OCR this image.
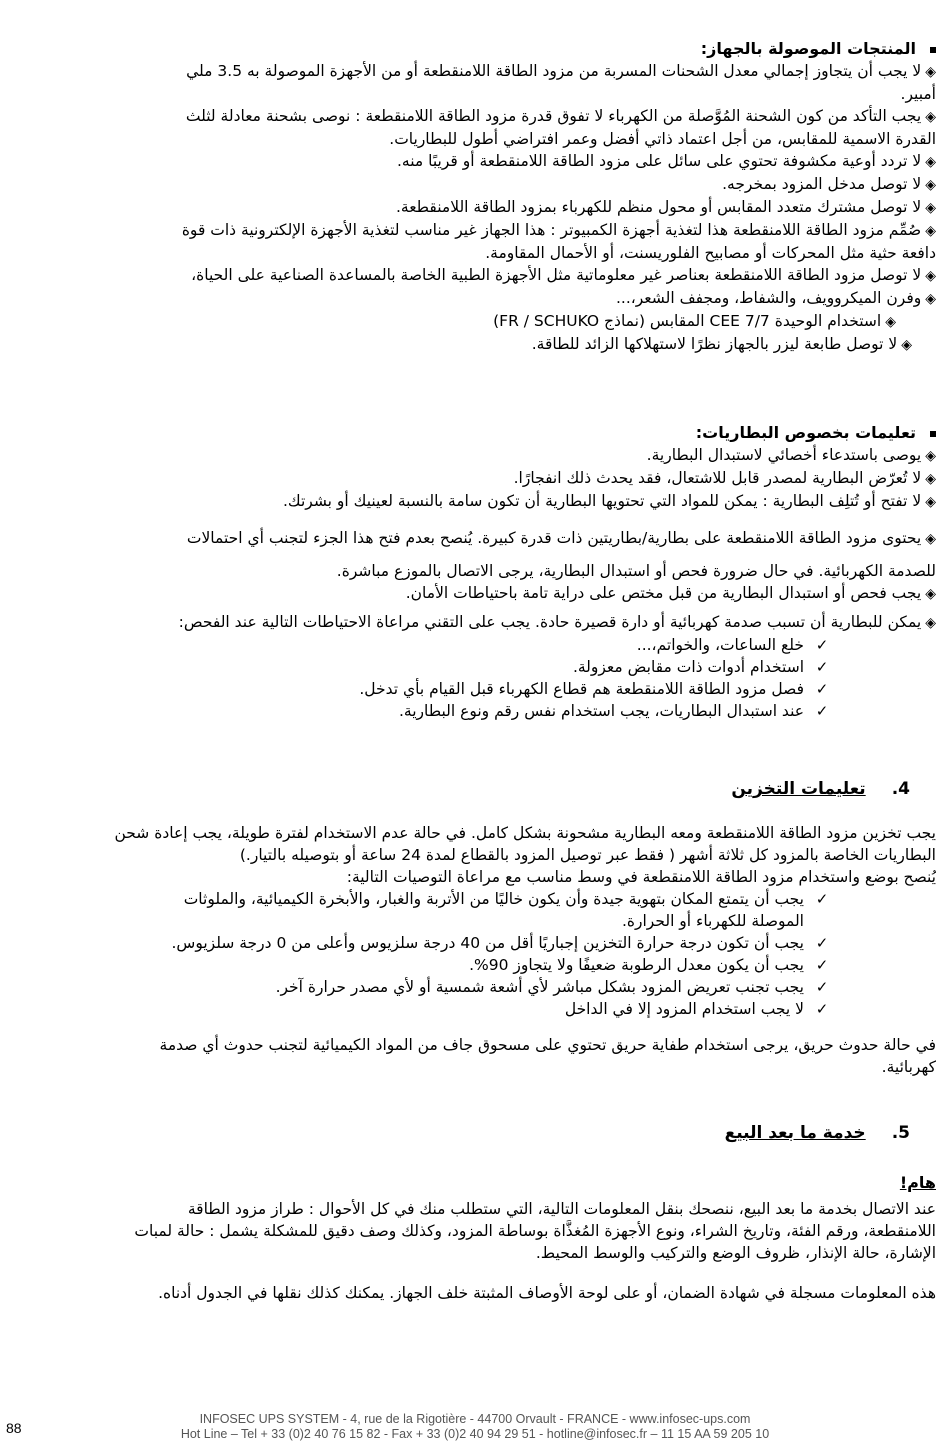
المنتجات الموصولة بالجهاز:
◈لا يجب أن يتجاوز إجمالي معدل الشحنات المسربة من مزود الطاقة اللامنقطعة أو من الأجهزة الموصولة به 3.5 ملي
أمبير.
◈يجب التأكد من كون الشحنة المُوَّصلة من الكهرباء لا تفوق قدرة مزود الطاقة اللامنقطعة : نوصى بشحنة معادلة لثلث
القدرة الاسمية للمقابس، من أجل اعتماد ذاتي أفضل وعمر افتراضي أطول للبطاريات.
◈لا تردد أوعية مكشوفة تحتوي على سائل على مزود الطاقة اللامنقطعة أو قريبًا منه.
◈لا توصل مدخل المزود بمخرجه.
◈لا توصل مشترك متعدد المقابس أو محول منظم للكهرباء بمزود الطاقة اللامنقطعة.
◈صُمِّم مزود الطاقة اللامنقطعة هذا لتغذية أجهزة الكمبيوتر : هذا الجهاز غير مناسب لتغذية الأجهزة الإلكترونية ذات قوة
دافعة حثية مثل المحركات أو مصابيح الفلوريسنت، أو الأحمال المقاومة.
◈لا توصل مزود الطاقة اللامنقطعة بعناصر غير معلوماتية مثل الأجهزة الطبية الخاصة بالمساعدة الصناعية على الحياة،
◈وفرن الميكروويف، والشفاط، ومجفف الشعر،...
◈استخدام الوحيدة CEE 7/7 المقابس (نماذج FR / SCHUKO)
◈لا توصل طابعة ليزر بالجهاز نظرًا لاستهلاكها الزائد للطاقة.
تعليمات بخصوص البطاريات:
◈يوصى باستدعاء أخصائي لاستبدال البطارية.
◈لا تُعرّض البطارية لمصدر قابل للاشتعال، فقد يحدث ذلك انفجارًا.
◈لا تفتح أو تُتلِف البطارية : يمكن للمواد التي تحتويها البطارية أن تكون سامة بالنسبة لعينيك أو بشرتك.
◈يحتوى مزود الطاقة اللامنقطعة على بطارية/بطاريتين ذات قدرة كبيرة. يُنصح بعدم فتح هذا الجزء لتجنب أي احتمالات
للصدمة الكهربائية. في حال ضرورة فحص أو استبدال البطارية، يرجى الاتصال بالموزع مباشرة.
◈يجب فحص أو استبدال البطارية من قبل مختص على دراية تامة باحتياطات الأمان.
◈يمكن للبطارية أن تسبب صدمة كهربائية أو دارة قصيرة حادة. يجب على التقني مراعاة الاحتياطات التالية عند الفحص:
✓خلع الساعات، والخواتم،...
✓استخدام أدوات ذات مقابض معزولة.
✓فصل مزود الطاقة اللامنقطعة هم قطاع الكهرباء قبل القيام بأي تدخل.
✓عند استبدال البطاريات، يجب استخدام نفس رقم ونوع البطارية.
4.تعليمات التخزين
يجب تخزين مزود الطاقة اللامنقطعة ومعه البطارية مشحونة بشكل كامل. في حالة عدم الاستخدام لفترة طويلة، يجب إعادة شحن
البطاريات الخاصة بالمزود كل ثلاثة أشهر ( فقط عبر توصيل المزود بالقطاع لمدة 24 ساعة أو بتوصيله بالتيار.)
يُنصح بوضع واستخدام مزود الطاقة اللامنقطعة في وسط مناسب مع مراعاة التوصيات التالية:
✓يجب أن يتمتع المكان بتهوية جيدة وأن يكون خاليًا من الأتربة والغبار، والأبخرة الكيميائية، والملوثات
الموصلة للكهرباء أو الحرارة.
✓يجب أن تكون درجة حرارة التخزين إجباريًا أقل من 40 درجة سلزيوس وأعلى من 0 درجة سلزيوس.
✓يجب أن يكون معدل الرطوبة ضعيفًا ولا يتجاوز 90%.
✓يجب تجنب تعريض المزود بشكل مباشر لأي أشعة شمسية أو لأي مصدر حرارة آخر.
✓لا يجب استخدام المزود إلا في الداخل
في حالة حدوث حريق، يرجى استخدام طفاية حريق تحتوي على مسحوق جاف من المواد الكيميائية لتجنب حدوث أي صدمة
كهربائية.
5.خدمة ما بعد البيع
هام!
عند الاتصال بخدمة ما بعد البيع، ننصحك بنقل المعلومات التالية، التي ستطلب منك في كل الأحوال : طراز مزود الطاقة
اللامنقطعة، ورقم الفئة، وتاريخ الشراء، ونوع الأجهزة المُغذَّاة بوساطة المزود، وكذلك وصف دقيق للمشكلة يشمل : حالة لمبات
الإشارة، حالة الإنذار، ظروف الوضع والتركيب والوسط المحيط.
هذه المعلومات مسجلة في شهادة الضمان، أو على لوحة الأوصاف المثبتة خلف الجهاز. يمكنك كذلك نقلها في الجدول أدناه.
88
INFOSEC UPS SYSTEM - 4, rue de la Rigotière - 44700 Orvault - FRANCE - www.infosec-ups.com
Hot Line – Tel + 33 (0)2 40 76 15 82 - Fax + 33 (0)2 40 94 29 51 - hotline@infosec.fr – 11 15 AA 59 205 10
